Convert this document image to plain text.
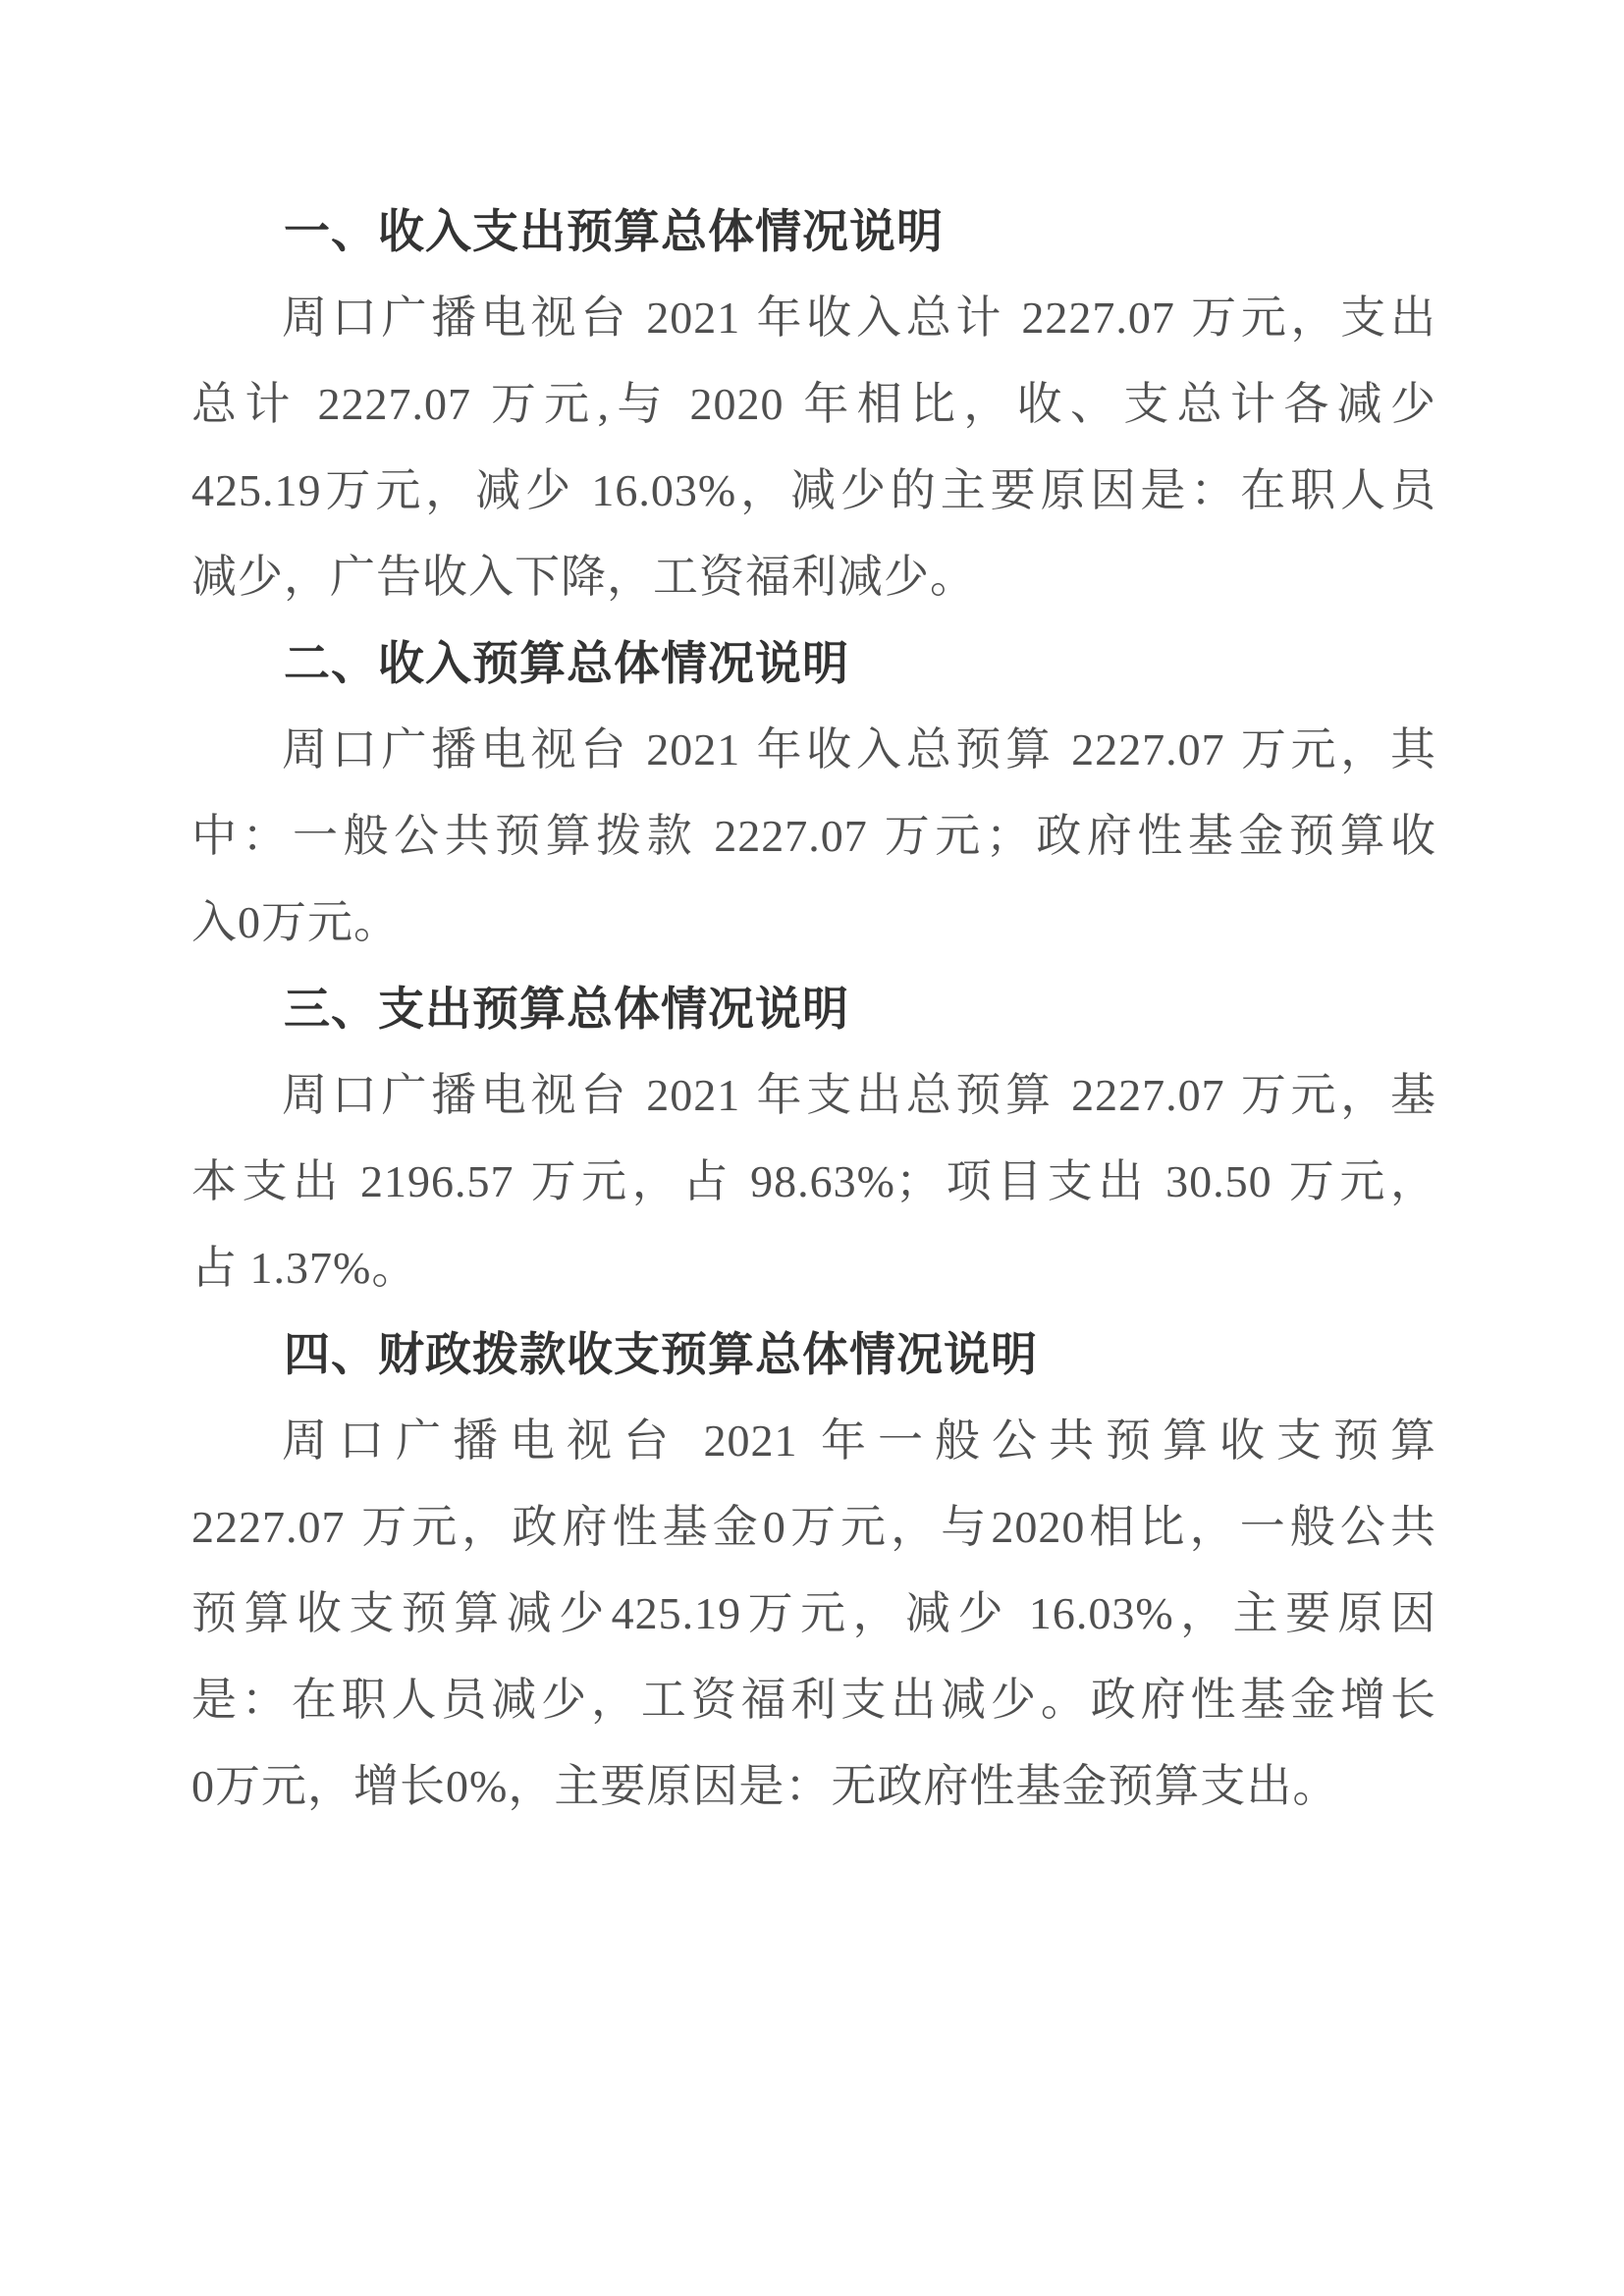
一、收入支出预算总体情况说明

周口广播电视台 2021 年收入总计 2227.07 万元，支出

总计 2227.07 万元,与 2020 年相比，收、支总计各减少

425.19万元，减少 16.03%，减少的主要原因是：在职人员

减少，广告收入下降，工资福利减少。

二、收入预算总体情况说明

周口广播电视台 2021 年收入总预算 2227.07 万元，其

中：一般公共预算拨款 2227.07 万元；政府性基金预算收

入0万元。

三、支出预算总体情况说明

周口广播电视台 2021 年支出总预算 2227.07 万元，基

本支出 2196.57 万元，占 98.63%；项目支出 30.50 万元，

占 1.37%。

四、财政拨款收支预算总体情况说明

周口广播电视台 2021 年一般公共预算收支预算

2227.07 万元，政府性基金0万元，与2020相比，一般公共

预算收支预算减少425.19万元，减少 16.03%，主要原因

是：在职人员减少，工资福利支出减少。政府性基金增长

0万元，增长0%，主要原因是：无政府性基金预算支出。
